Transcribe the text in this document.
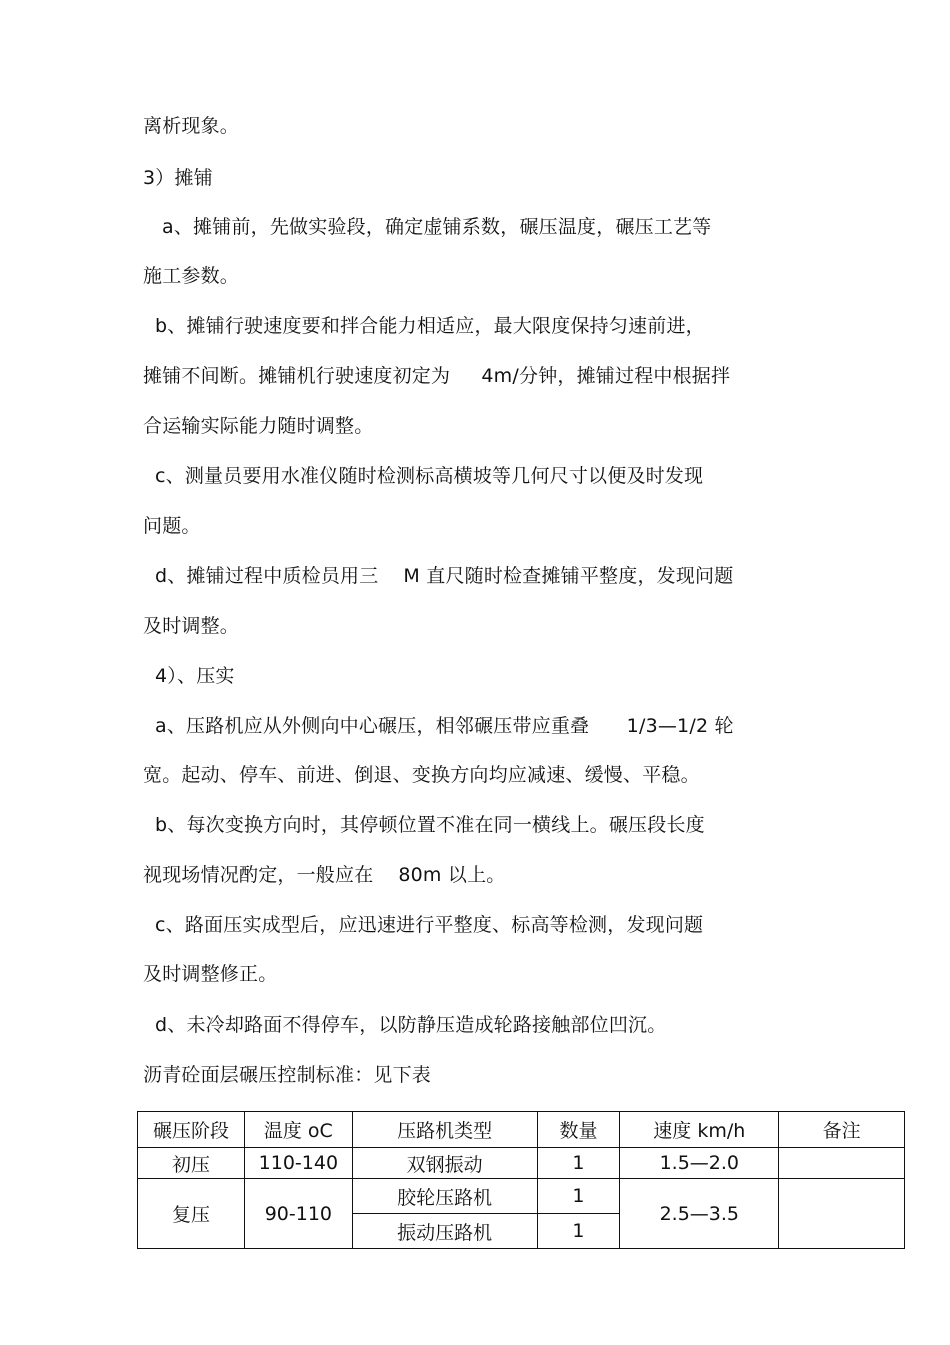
离析现象。
3）摊铺
a、摊铺前，先做实验段，确定虚铺系数，碾压温度，碾压工艺等
施工参数。
b、摊铺行驶速度要和拌合能力相适应，最大限度保持匀速前进，
摊铺不间断。摊铺机行驶速度初定为     4m/分钟，摊铺过程中根据拌
合运输实际能力随时调整。
c、测量员要用水准仪随时检测标高横坡等几何尺寸以便及时发现
问题。
d、摊铺过程中质检员用三    M 直尺随时检查摊铺平整度，发现问题
及时调整。
4）、压实
a、压路机应从外侧向中心碾压，相邻碾压带应重叠      1/3—1/2 轮
宽。起动、停车、前进、倒退、变换方向均应减速、缓慢、平稳。
b、每次变换方向时，其停顿位置不准在同一横线上。碾压段长度
视现场情况酌定，一般应在    80m 以上。
c、路面压实成型后，应迅速进行平整度、标高等检测，发现问题
及时调整修正。
d、未冷却路面不得停车，以防静压造成轮路接触部位凹沉。
沥青砼面层碾压控制标准：见下表
碾压阶段	温度 oC	压路机类型	数量	速度 km/h	备注
初压	110-140	双钢振动	1	1.5—2.0	
复压	90-110	胶轮压路机	1	2.5—3.5	
		振动压路机	1		
